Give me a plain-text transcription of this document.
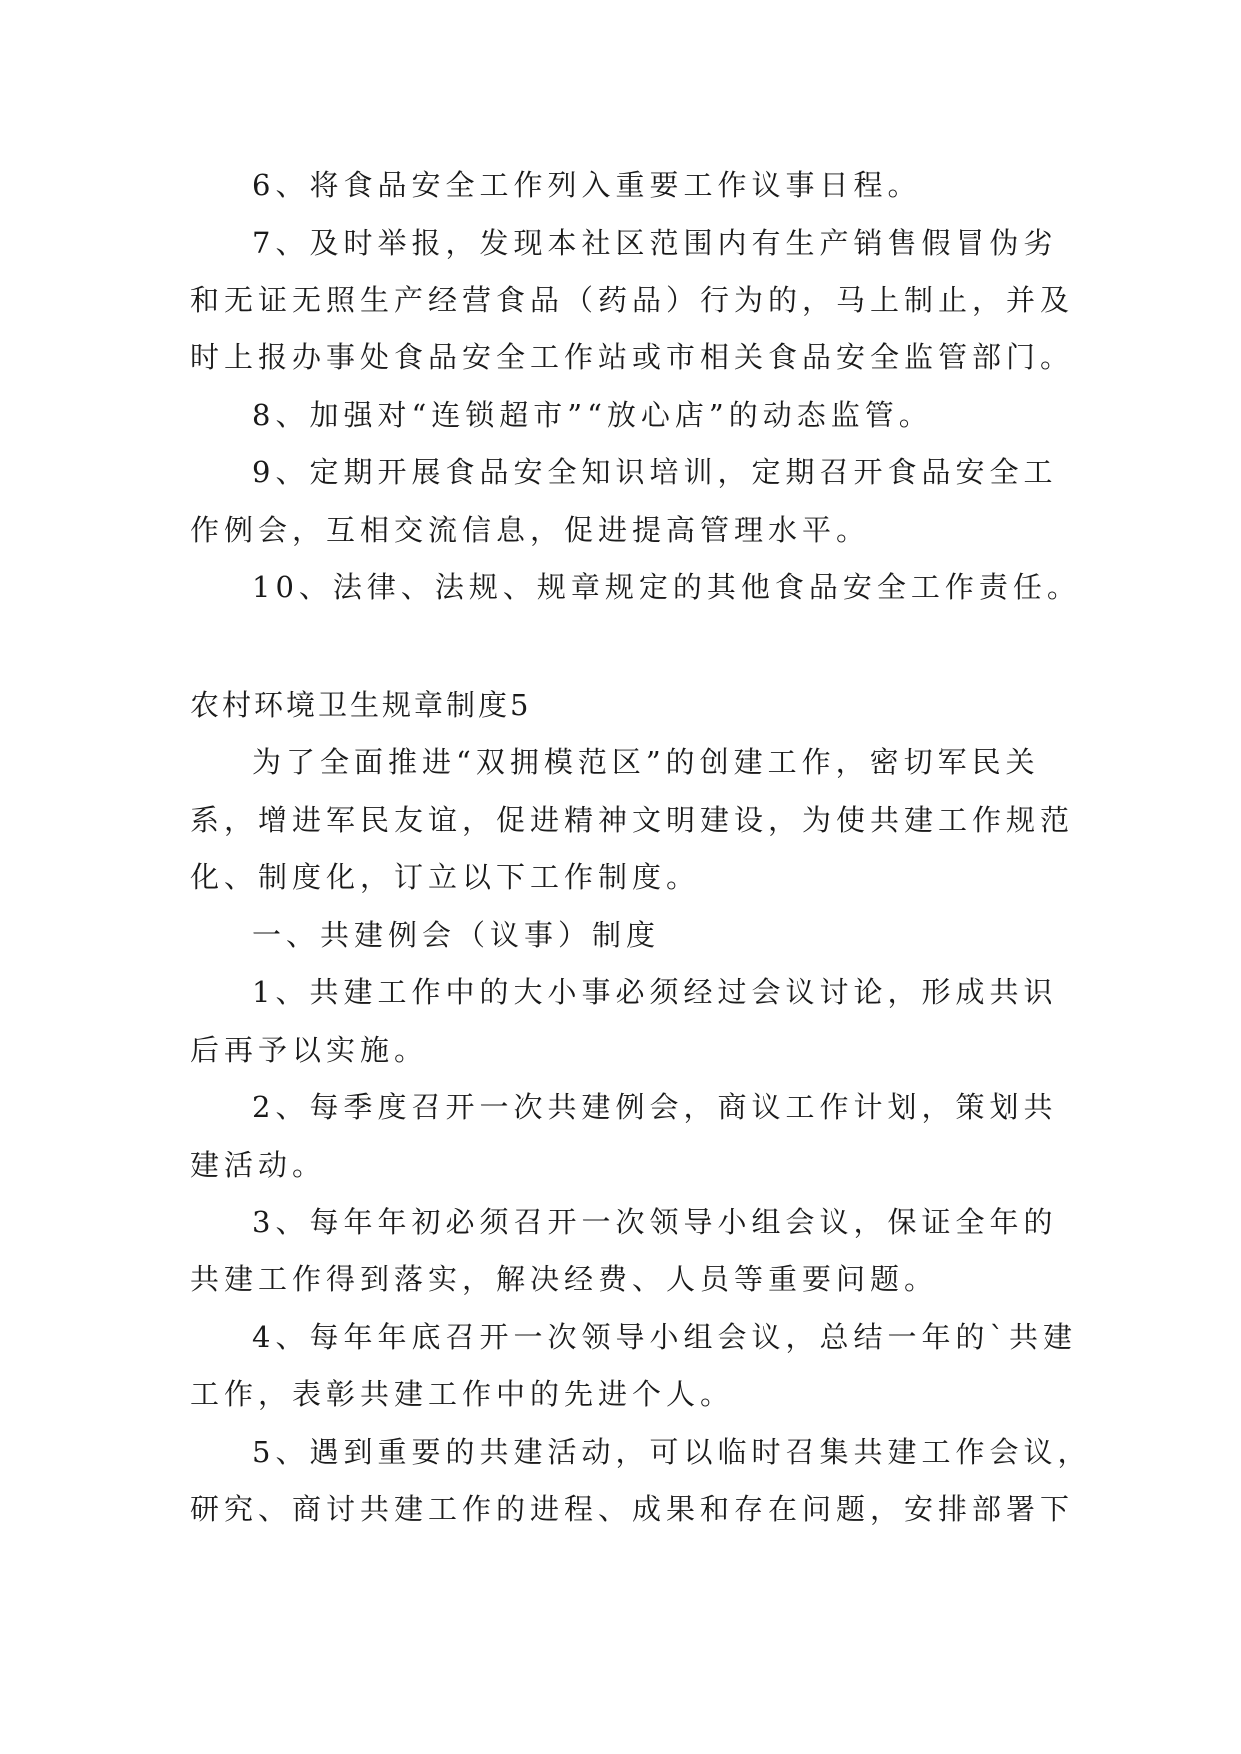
6、将食品安全工作列入重要工作议事日程。
7、及时举报，发现本社区范围内有生产销售假冒伪劣
和无证无照生产经营食品（药品）行为的，马上制止，并及
时上报办事处食品安全工作站或市相关食品安全监管部门。
8、加强对“连锁超市”“放心店”的动态监管。
9、定期开展食品安全知识培训，定期召开食品安全工
作例会，互相交流信息，促进提高管理水平。
10、法律、法规、规章规定的其他食品安全工作责任。
农村环境卫生规章制度5
为了全面推进“双拥模范区”的创建工作，密切军民关
系，增进军民友谊，促进精神文明建设，为使共建工作规范
化、制度化，订立以下工作制度。
一、共建例会（议事）制度
1、共建工作中的大小事必须经过会议讨论，形成共识
后再予以实施。
2、每季度召开一次共建例会，商议工作计划，策划共
建活动。
3、每年年初必须召开一次领导小组会议，保证全年的
共建工作得到落实，解决经费、人员等重要问题。
4、每年年底召开一次领导小组会议，总结一年的`共建
工作，表彰共建工作中的先进个人。
5、遇到重要的共建活动，可以临时召集共建工作会议，
研究、商讨共建工作的进程、成果和存在问题，安排部署下
